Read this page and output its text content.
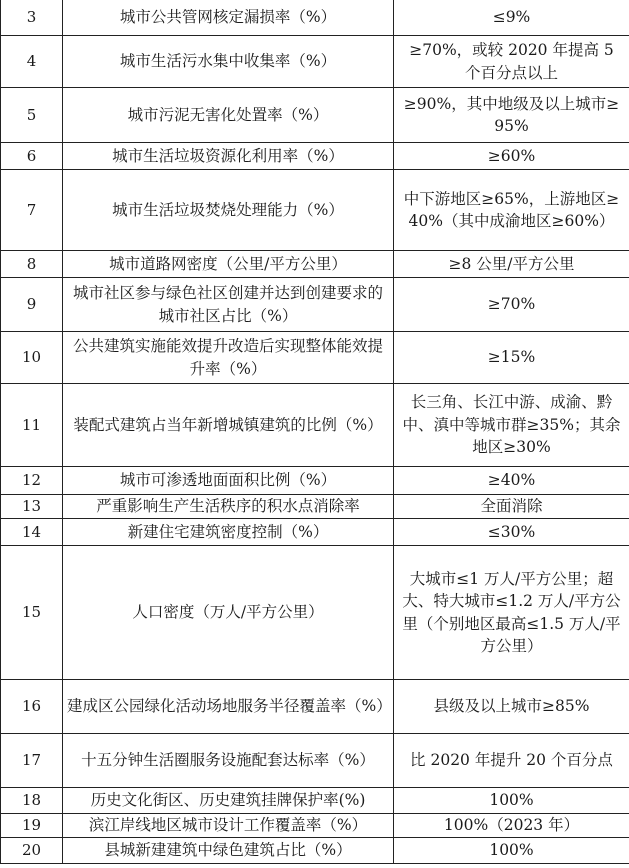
3	城市公共管网核定漏损率（%）	≤9%
4	城市生活污水集中收集率（%）	≥70%，或较 2020 年提高 5 个百分点以上
5	城市污泥无害化处置率（%）	≥90%，其中地级及以上城市≥95%
6	城市生活垃圾资源化利用率（%）	≥60%
7	城市生活垃圾焚烧处理能力（%）	中下游地区≥65%，上游地区≥40%（其中成渝地区≥60%）
8	城市道路网密度（公里/平方公里）	≥8 公里/平方公里
9	城市社区参与绿色社区创建并达到创建要求的城市社区占比（%）	≥70%
10	公共建筑实施能效提升改造后实现整体能效提升率（%）	≥15%
11	装配式建筑占当年新增城镇建筑的比例（%）	长三角、长江中游、成渝、黔中、滇中等城市群≥35%；其余地区≥30%
12	城市可渗透地面面积比例（%）	≥40%
13	严重影响生产生活秩序的积水点消除率	全面消除
14	新建住宅建筑密度控制（%）	≤30%
15	人口密度（万人/平方公里）	大城市≤1 万人/平方公里；超大、特大城市≤1.2 万人/平方公里（个别地区最高≤1.5 万人/平方公里）
16	建成区公园绿化活动场地服务半径覆盖率（%）	县级及以上城市≥85%
17	十五分钟生活圈服务设施配套达标率（%）	比 2020 年提升 20 个百分点
18	历史文化街区、历史建筑挂牌保护率(%)	100%
19	滨江岸线地区城市设计工作覆盖率（%）	100%（2023 年）
20	县城新建建筑中绿色建筑占比（%）	100%
